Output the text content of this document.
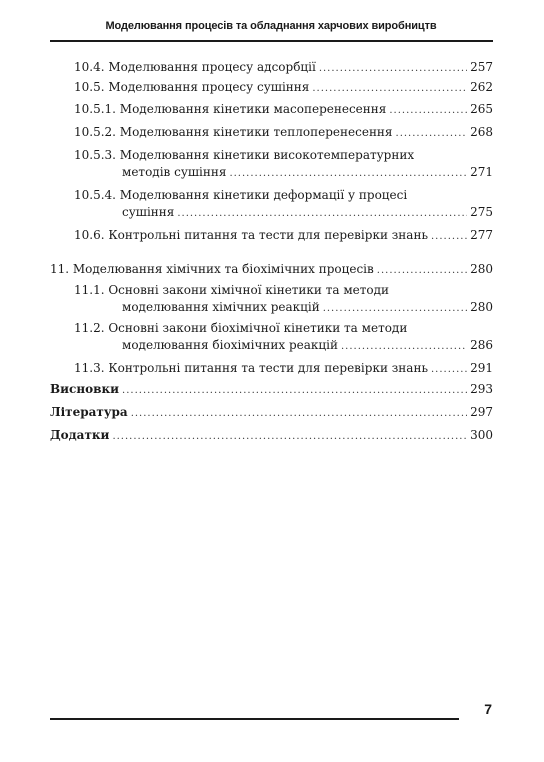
Моделювання процесів та обладнання харчових виробництв
10.4. Моделювання процесу адсорбції .....	257
10.5. Моделювання процесу сушіння .....	262
10.5.1. Моделювання кінетики масоперенесення .....	265
10.5.2. Моделювання кінетики теплоперенесення .....	268
10.5.3. Моделювання кінетики високотемпературних
методів сушіння .....	271
10.5.4. Моделювання кінетики деформації у процесі
сушіння .....	275
10.6. Контрольні питання та тести для перевірки знань .....	277
11. Моделювання хімічних та біохімічних процесів .....	280
11.1. Основні закони хімічної кінетики та методи
моделювання хімічних реакцій .....	280
11.2. Основні закони біохімічної кінетики та методи
моделювання біохімічних реакцій .....	286
11.3. Контрольні питання та тести для перевірки знань .....	291
Висновки .....	293
Література .....	297
Додатки .....	300
7
